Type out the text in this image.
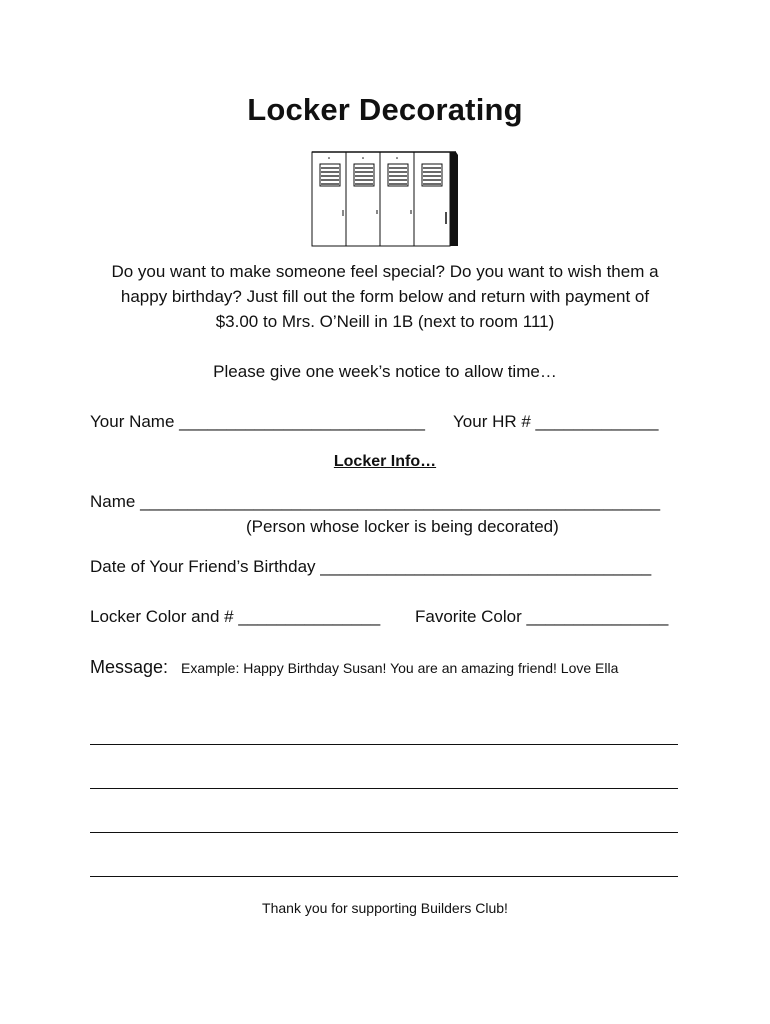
Locker Decorating
Do you want to make someone feel special? Do you want to wish them a
happy birthday? Just fill out the form below and return with payment of
$3.00 to Mrs. O’Neill in 1B (next to room 111)
Please give one week’s notice to allow time…
Your Name __________________________ Your HR # _____________
Locker Info…
Name _______________________________________________________
(Person whose locker is being decorated)
Date of Your Friend’s Birthday ___________________________________
Locker Color and # _______________ Favorite Color _______________
Message: Example: Happy Birthday Susan! You are an amazing friend! Love Ella
Thank you for supporting Builders Club!
